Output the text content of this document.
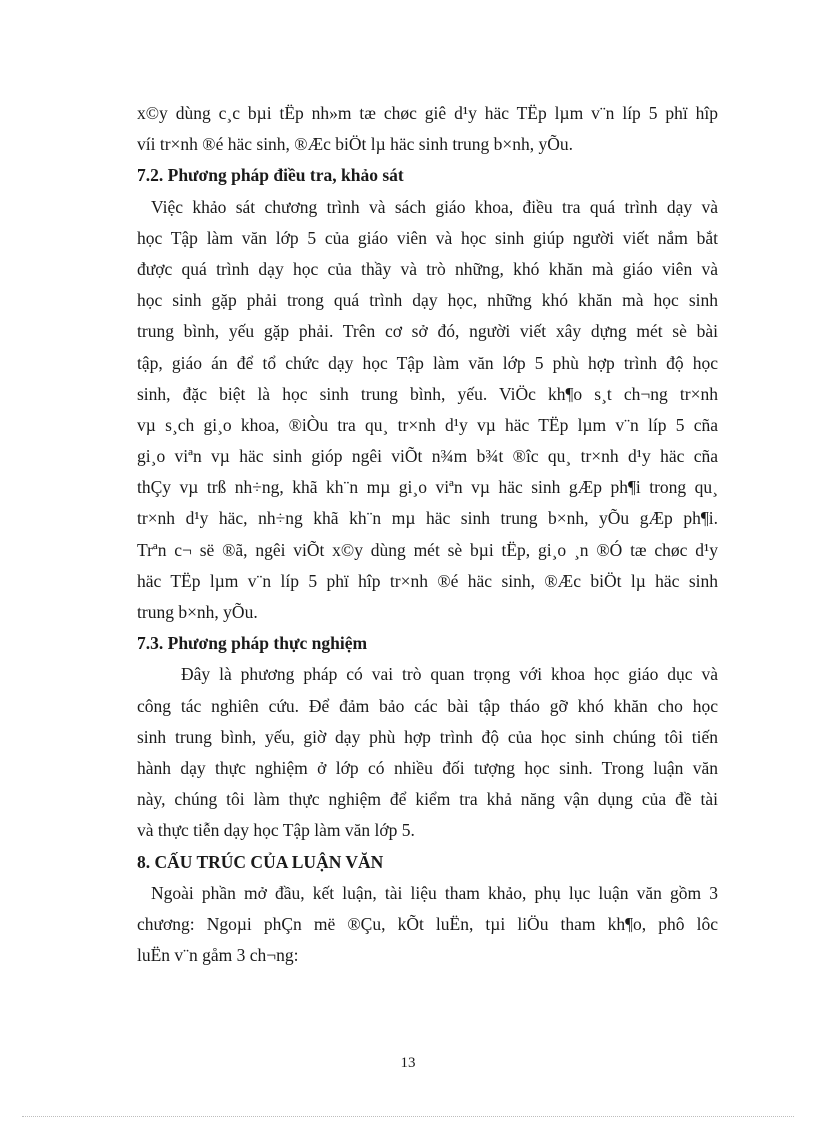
x©y dùng c¸c bµi tËp nh»m tæ chøc giê d¹y häc TËp lµm v¨n líp 5 phï hîp
víi tr×nh ®é häc sinh, ®Æc biÖt lµ häc sinh trung b×nh, yÕu.
7.2. Phương pháp điều tra, khảo sát
Việc khảo sát chương trình và sách giáo khoa, điều tra quá trình dạy và
học Tập làm văn lớp 5 của giáo viên và học sinh giúp người viết nắm bắt
được quá trình dạy học của thầy và trò những, khó khăn mà giáo viên và
học sinh gặp phải trong quá trình dạy học, những khó khăn mà học sinh
trung bình, yếu gặp phải. Trên cơ sở đó, người viết xây dựng mét sè bài
tập, giáo án để tổ chức dạy học Tập làm văn lớp 5 phù hợp trình độ học
sinh, đặc biệt là học sinh trung bình, yếu. ViÖc kh¶o s¸t ch¬ng tr×nh
vµ s¸ch gi¸o khoa, ®iÒu tra qu¸ tr×nh d¹y vµ häc TËp lµm v¨n líp 5 cña
gi¸o viªn vµ häc sinh gióp ngêi viÕt n¾m b¾t ®îc qu¸ tr×nh d¹y häc cña
thÇy vµ trß nh÷ng, khã kh¨n mµ gi¸o viªn vµ häc sinh gÆp ph¶i trong qu¸
tr×nh d¹y häc, nh÷ng khã kh¨n mµ häc sinh trung b×nh, yÕu gÆp ph¶i.
Trªn c¬ së ®ã, ngêi viÕt x©y dùng mét sè bµi tËp, gi¸o ¸n ®Ó tæ chøc d¹y
häc TËp lµm v¨n líp 5 phï hîp tr×nh ®é häc sinh, ®Æc biÖt lµ häc sinh
trung b×nh, yÕu.
7.3. Phương pháp thực nghiệm
Đây là phương pháp có vai trò quan trọng với khoa học giáo dục và
công tác nghiên cứu. Để đảm bảo các bài tập tháo gỡ khó khăn cho học
sinh trung bình, yếu, giờ dạy phù hợp trình độ của học sinh chúng tôi tiến
hành dạy thực nghiệm ở lớp có nhiều đối tượng học sinh. Trong luận văn
này, chúng tôi làm thực nghiệm để kiểm tra khả năng vận dụng của đề tài
và thực tiễn dạy học Tập làm văn lớp 5.
8. CẤU TRÚC CỦA LUẬN VĂN
Ngoài phần mở đầu, kết luận, tài liệu tham khảo, phụ lục luận văn gồm 3
chương: Ngoµi phÇn më ®Çu, kÕt luËn, tµi liÖu tham kh¶o, phô lôc
luËn v¨n gåm 3 ch¬ng:
13
